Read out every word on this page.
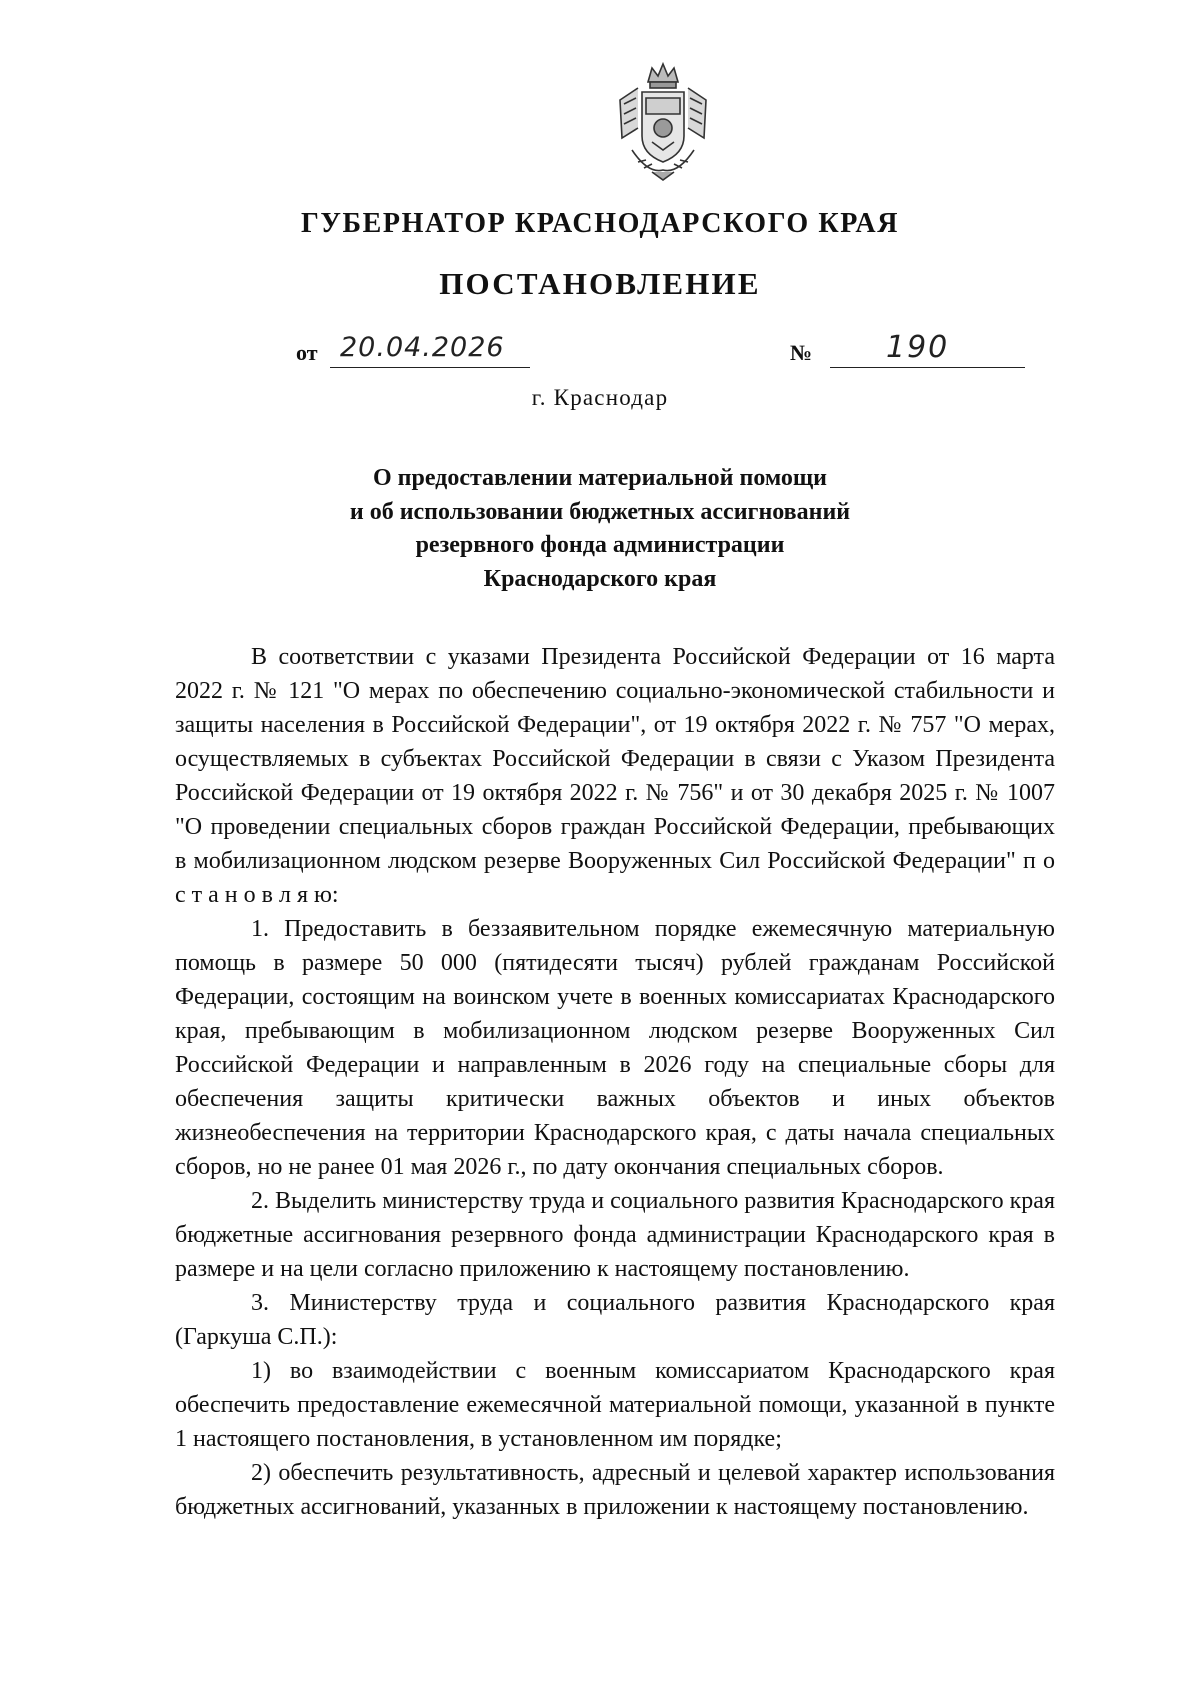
ГУБЕРНАТОР КРАСНОДАРСКОГО КРАЯ
ПОСТАНОВЛЕНИЕ
от 20.04.2026	№ 190
г. Краснодар
О предоставлении материальной помощи
и об использовании бюджетных ассигнований
резервного фонда администрации
Краснодарского края

В соответствии с указами Президента Российской Федерации от 16 марта 2022 г. № 121 "О мерах по обеспечению социально-экономической стабильности и защиты населения в Российской Федерации", от 19 октября 2022 г. № 757 "О мерах, осуществляемых в субъектах Российской Федерации в связи с Указом Президента Российской Федерации от 19 октября 2022 г. № 756" и от 30 декабря 2025 г. № 1007 "О проведении специальных сборов граждан Российской Федерации, пребывающих в мобилизационном людском резерве Вооруженных Сил Российской Федерации" п о с т а н о в л я ю:

1. Предоставить в беззаявительном порядке ежемесячную материальную помощь в размере 50 000 (пятидесяти тысяч) рублей гражданам Российской Федерации, состоящим на воинском учете в военных комиссариатах Краснодарского края, пребывающим в мобилизационном людском резерве Вооруженных Сил Российской Федерации и направленным в 2026 году на специальные сборы для обеспечения защиты критически важных объектов и иных объектов жизнеобеспечения на территории Краснодарского края, с даты начала специальных сборов, но не ранее 01 мая 2026 г., по дату окончания специальных сборов.

2. Выделить министерству труда и социального развития Краснодарского края бюджетные ассигнования резервного фонда администрации Краснодарского края в размере и на цели согласно приложению к настоящему постановлению.

3. Министерству труда и социального развития Краснодарского края (Гаркуша С.П.):

1) во взаимодействии с военным комиссариатом Краснодарского края обеспечить предоставление ежемесячной материальной помощи, указанной в пункте 1 настоящего постановления, в установленном им порядке;

2) обеспечить результативность, адресный и целевой характер использования бюджетных ассигнований, указанных в приложении к настоящему постановлению.
